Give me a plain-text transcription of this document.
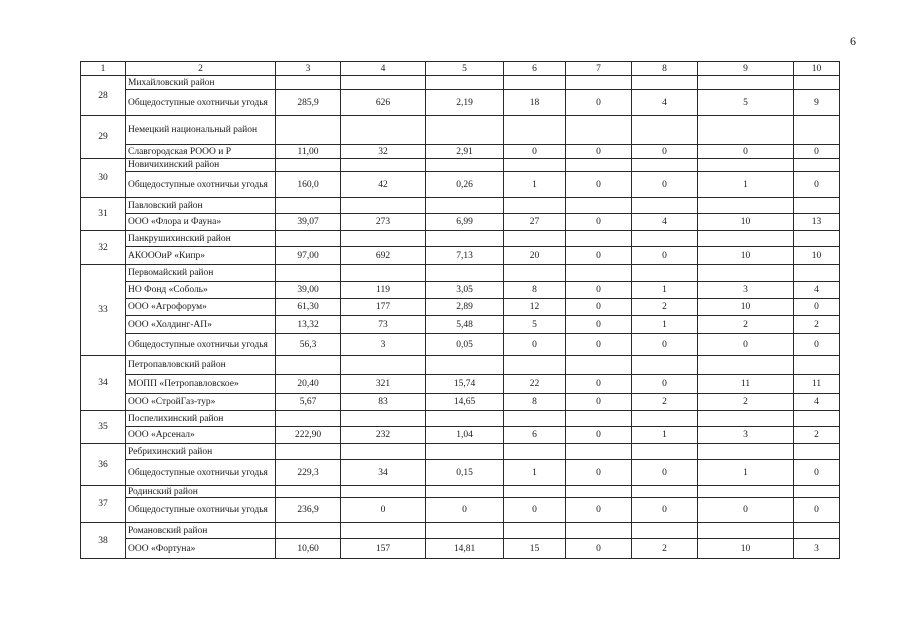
6
1	2	3	4	5	6	7	8	9	10
28	Михайловский район								
	Общедоступные охотничьи угодья	285,9	626	2,19	18	0	4	5	9
29	Немецкий национальный район								
	Славгородская РООО и Р	11,00	32	2,91	0	0	0	0	0
30	Новичихинский район								
	Общедоступные охотничьи угодья	160,0	42	0,26	1	0	0	1	0
31	Павловский район								
	ООО «Флора и Фауна»	39,07	273	6,99	27	0	4	10	13
32	Панкрушихинский район								
	АКОООиР «Кипр»	97,00	692	7,13	20	0	0	10	10
33	Первомайский район								
	НО Фонд «Соболь»	39,00	119	3,05	8	0	1	3	4
	ООО «Агрофорум»	61,30	177	2,89	12	0	2	10	0
	ООО «Холдинг-АП»	13,32	73	5,48	5	0	1	2	2
	Общедоступные охотничьи угодья	56,3	3	0,05	0	0	0	0	0
34	Петропавловский район								
	МОПП «Петропавловское»	20,40	321	15,74	22	0	0	11	11
	ООО «СтройГаз-тур»	5,67	83	14,65	8	0	2	2	4
35	Поспелихинский район								
	ООО «Арсенал»	222,90	232	1,04	6	0	1	3	2
36	Ребрихинский район								
	Общедоступные охотничьи угодья	229,3	34	0,15	1	0	0	1	0
37	Родинский район								
	Общедоступные охотничьи угодья	236,9	0	0	0	0	0	0	0
38	Романовский район								
	ООО «Фортуна»	10,60	157	14,81	15	0	2	10	3
